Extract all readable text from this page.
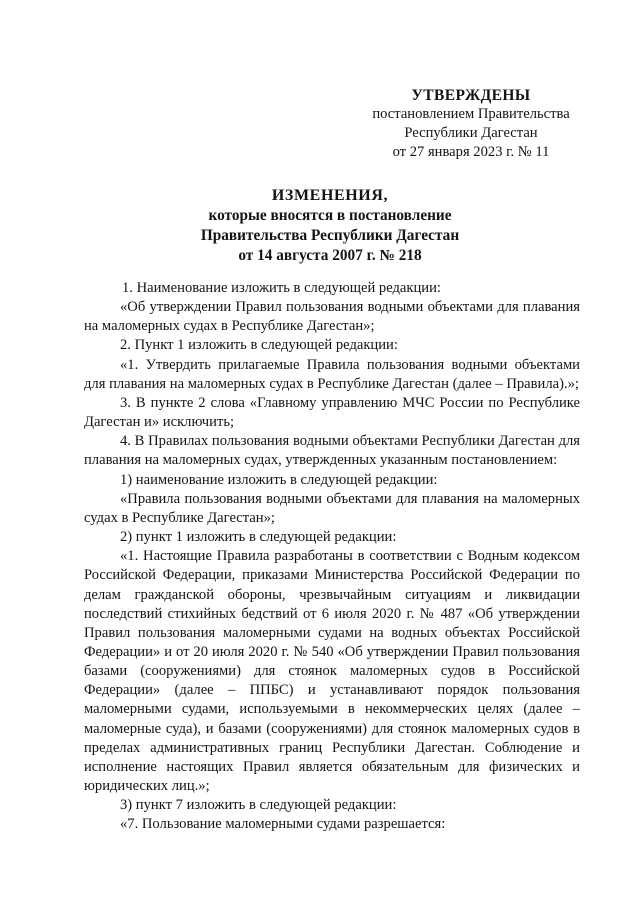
УТВЕРЖДЕНЫ
постановлением Правительства
Республики Дагестан
от 27 января 2023 г. № 11
ИЗМЕНЕНИЯ,
которые вносятся в постановление
Правительства Республики Дагестан
от 14 августа 2007 г. № 218

1. Наименование изложить в следующей редакции:

«Об утверждении Правил пользования водными объектами для плавания на маломерных судах в Республике Дагестан»;

2. Пункт 1 изложить в следующей редакции:

«1. Утвердить прилагаемые Правила пользования водными объектами для плавания на маломерных судах в Республике Дагестан (далее – Правила).»;

3. В пункте 2 слова «Главному управлению МЧС России по Республике Дагестан и» исключить;

4. В Правилах пользования водными объектами Республики Дагестан для плавания на маломерных судах, утвержденных указанным постановлением:

1) наименование изложить в следующей редакции:

«Правила пользования водными объектами для плавания на маломерных судах в Республике Дагестан»;

2) пункт 1 изложить в следующей редакции:

«1. Настоящие Правила разработаны в соответствии с Водным кодексом Российской Федерации, приказами Министерства Российской Федерации по делам гражданской обороны, чрезвычайным ситуациям и ликвидации последствий стихийных бедствий от 6 июля 2020 г. № 487 «Об утверждении Правил пользования маломерными судами на водных объектах Российской Федерации» и от 20 июля 2020 г. № 540 «Об утверждении Правил пользования базами (сооружениями) для стоянок маломерных судов в Российской Федерации» (далее – ППБС) и устанавливают порядок пользования маломерными судами, используемыми в некоммерческих целях (далее – маломерные суда), и базами (сооружениями) для стоянок маломерных судов в пределах административных границ Республики Дагестан. Соблюдение и исполнение настоящих Правил является обязательным для физических и юридических лиц.»;

3) пункт 7 изложить в следующей редакции:

«7. Пользование маломерными судами разрешается:
